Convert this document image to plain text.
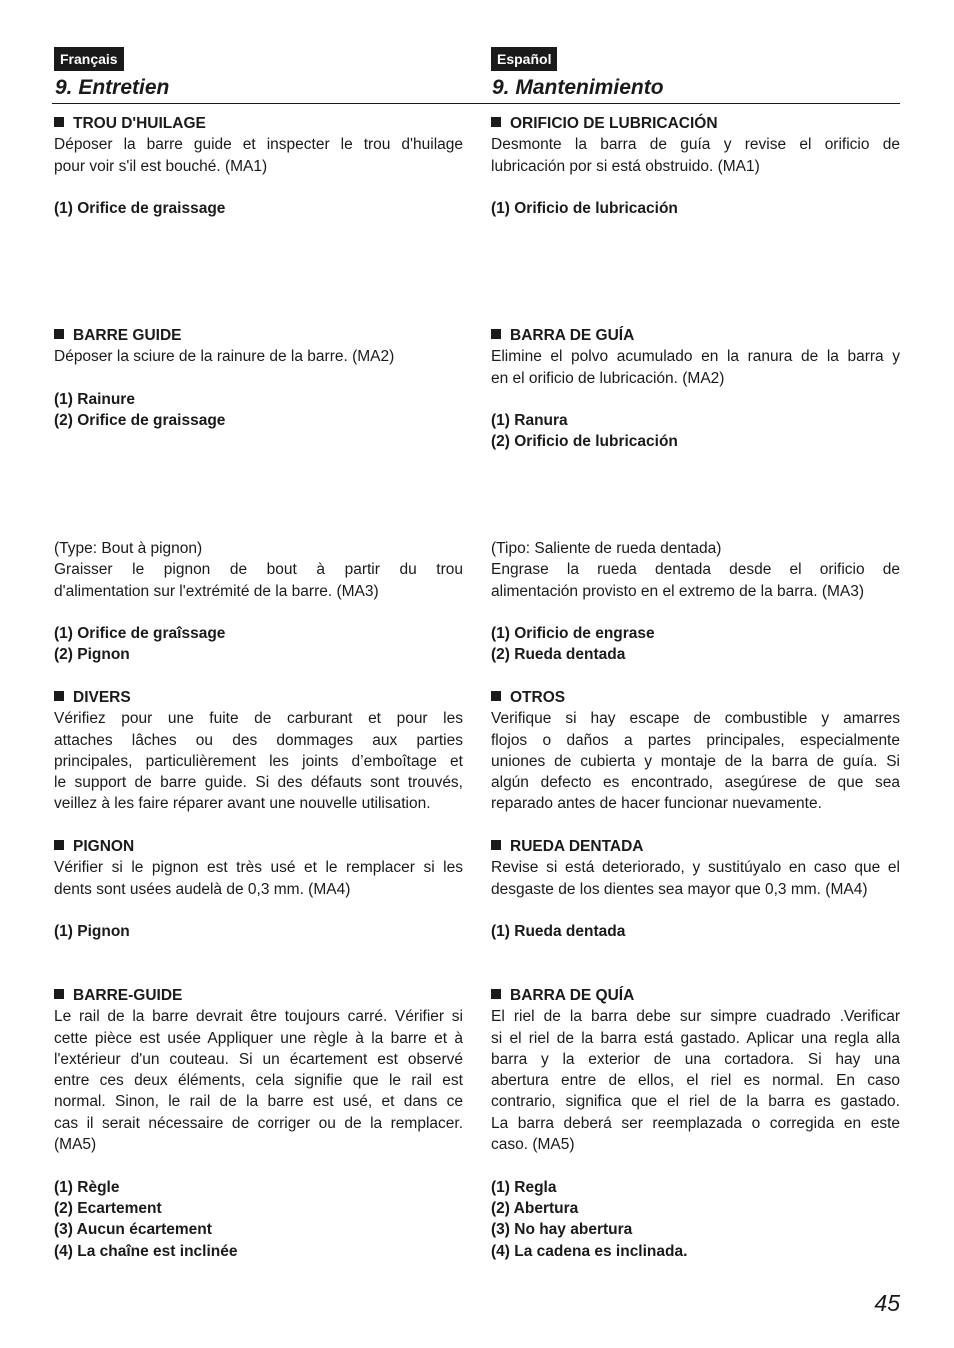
Français
9. Entretien
TROU D'HUILAGE
Déposer la barre guide et inspecter le trou d'huilage
pour voir s'il est bouché. (MA1)
(1) Orifice de graissage
BARRE GUIDE
Déposer la sciure de la rainure de la barre. (MA2)
(1) Rainure
(2) Orifice de graissage
(Type: Bout à pignon)
Graisser le pignon de bout à partir du trou
d'alimentation sur l'extrémité de la barre. (MA3)
(1) Orifice de graîssage
(2) Pignon
DIVERS
Vérifiez pour une fuite de carburant et pour les
attaches lâches ou des dommages aux parties
principales, particulièrement les joints d’emboîtage et
le support de barre guide. Si des défauts sont trouvés,
veillez à les faire réparer avant une nouvelle utilisation.
PIGNON
Vérifier si le pignon est très usé et le remplacer si les
dents sont usées audelà de 0,3 mm. (MA4)
(1) Pignon
BARRE-GUIDE
Le rail de la barre devrait être toujours carré. Vérifier si
cette pièce est usée Appliquer une règle à la barre et à
l'extérieur d'un couteau. Si un écartement est observé
entre ces deux éléments, cela signifie que le rail est
normal. Sinon, le rail de la barre est usé, et dans ce
cas il serait nécessaire de corriger ou de la remplacer.
(MA5)
(1) Règle
(2) Ecartement
(3) Aucun écartement
(4) La chaîne est inclinée
Español
9. Mantenimiento
ORIFICIO DE LUBRICACIÓN
Desmonte la barra de guía y revise el orificio de
lubricación por si está obstruido. (MA1)
(1) Orificio de lubricación
BARRA DE GUÍA
Elimine el polvo acumulado en la ranura de la barra y
en el orificio de lubricación. (MA2)
(1) Ranura
(2) Orificio de lubricación
(Tipo: Saliente de rueda dentada)
Engrase la rueda dentada desde el orificio de
alimentación provisto en el extremo de la barra. (MA3)
(1) Orificio de engrase
(2) Rueda dentada
OTROS
Verifique si hay escape de combustible y amarres
flojos o daños a partes principales, especialmente
uniones de cubierta y montaje de la barra de guía. Si
algún defecto es encontrado, asegúrese de que sea
reparado antes de hacer funcionar nuevamente.
RUEDA DENTADA
Revise si está deteriorado, y sustitúyalo en caso que el
desgaste de los dientes sea mayor que 0,3 mm. (MA4)
(1) Rueda dentada
BARRA DE QUÍA
El riel de la barra debe sur simpre cuadrado .Verificar
si el riel de la barra está gastado. Aplicar una regla alla
barra y la exterior de una cortadora. Si hay una
abertura entre de ellos, el riel es normal. En caso
contrario, significa que el riel de la barra es gastado.
La barra deberá ser reemplazada o corregida en este
caso. (MA5)
(1) Regla
(2) Abertura
(3) No hay abertura
(4) La cadena es inclinada.
45
